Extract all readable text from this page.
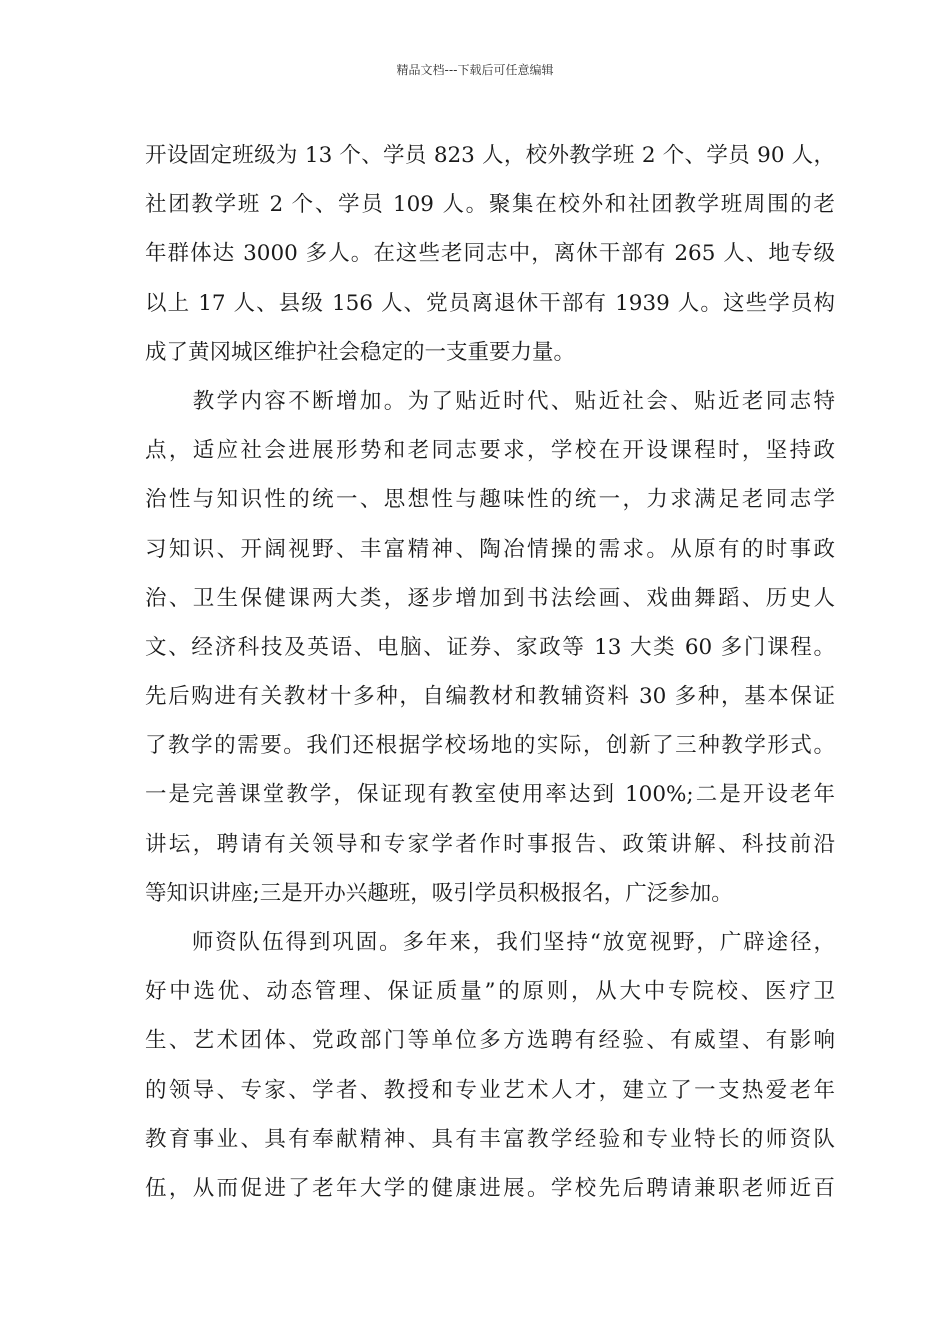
精品文档---下载后可任意编辑
开设固定班级为 13 个、学员 823 人，校外教学班 2 个、学员 90 人，
社团教学班 2 个、学员 109 人。聚集在校外和社团教学班周围的老
年群体达 3000 多人。在这些老同志中，离休干部有 265 人、地专级
以上 17 人、县级 156 人、党员离退休干部有 1939 人。这些学员构
成了黄冈城区维护社会稳定的一支重要力量。
　　教学内容不断增加。为了贴近时代、贴近社会、贴近老同志特
点，适应社会进展形势和老同志要求，学校在开设课程时，坚持政
治性与知识性的统一、思想性与趣味性的统一，力求满足老同志学
习知识、开阔视野、丰富精神、陶冶情操的需求。从原有的时事政
治、卫生保健课两大类，逐步增加到书法绘画、戏曲舞蹈、历史人
文、经济科技及英语、电脑、证券、家政等 13 大类 60 多门课程。
先后购进有关教材十多种，自编教材和教辅资料 30 多种，基本保证
了教学的需要。我们还根据学校场地的实际，创新了三种教学形式。
一是完善课堂教学，保证现有教室使用率达到 100%;二是开设老年
讲坛，聘请有关领导和专家学者作时事报告、政策讲解、科技前沿
等知识讲座;三是开办兴趣班，吸引学员积极报名，广泛参加。
　　师资队伍得到巩固。多年来，我们坚持“放宽视野，广辟途径，
好中选优、动态管理、保证质量”的原则，从大中专院校、医疗卫
生、艺术团体、党政部门等单位多方选聘有经验、有威望、有影响
的领导、专家、学者、教授和专业艺术人才，建立了一支热爱老年
教育事业、具有奉献精神、具有丰富教学经验和专业特长的师资队
伍，从而促进了老年大学的健康进展。学校先后聘请兼职老师近百
